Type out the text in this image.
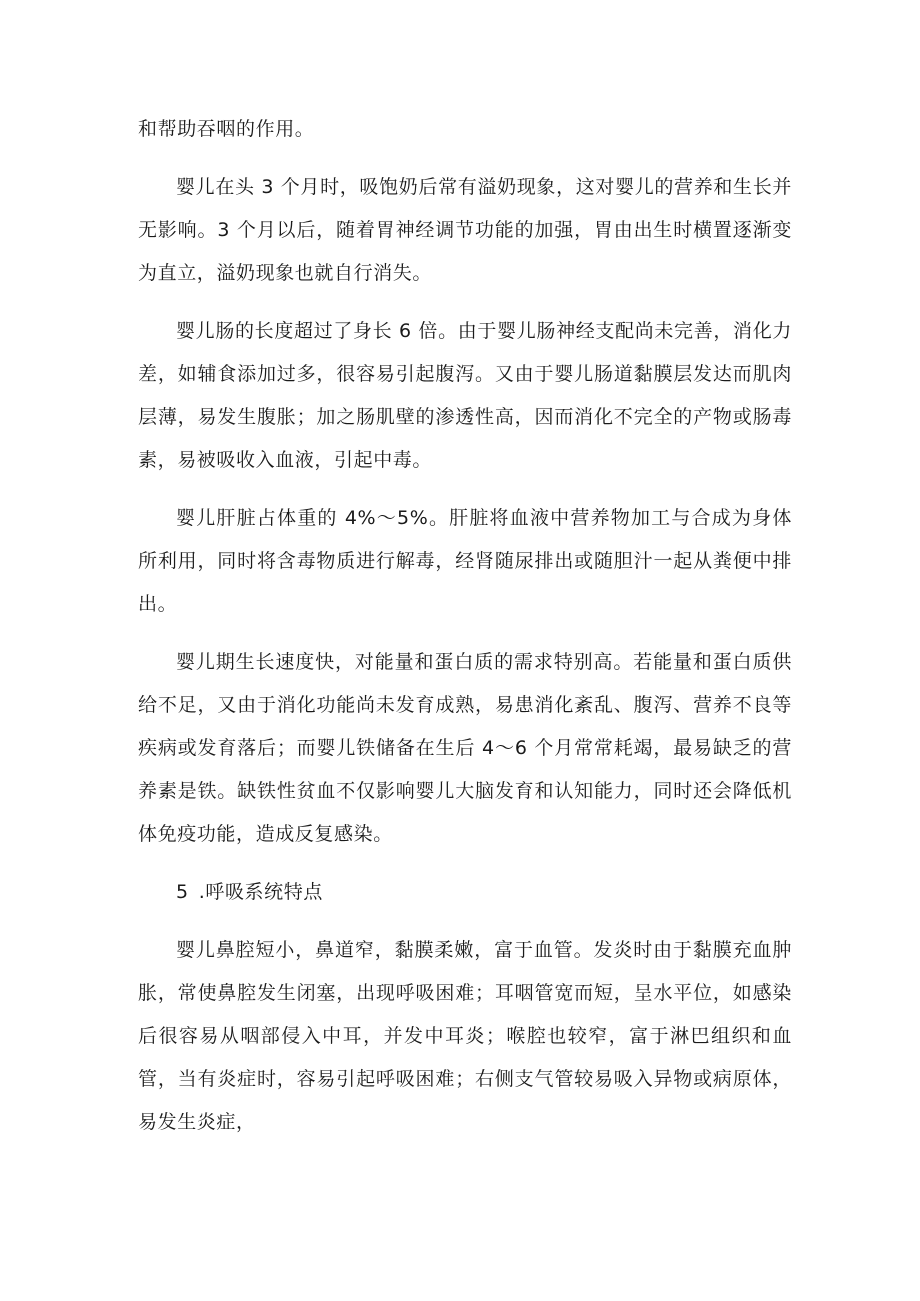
和帮助吞咽的作用。

婴儿在头 3 个月时，吸饱奶后常有溢奶现象，这对婴儿的营养和生长并无影响。3 个月以后，随着胃神经调节功能的加强，胃由出生时横置逐渐变为直立，溢奶现象也就自行消失。

婴儿肠的长度超过了身长 6 倍。由于婴儿肠神经支配尚未完善，消化力差，如辅食添加过多，很容易引起腹泻。又由于婴儿肠道黏膜层发达而肌肉层薄，易发生腹胀；加之肠肌壁的渗透性高，因而消化不完全的产物或肠毒素，易被吸收入血液，引起中毒。

婴儿肝脏占体重的 4%～5%。肝脏将血液中营养物加工与合成为身体所利用，同时将含毒物质进行解毒，经肾随尿排出或随胆汁一起从粪便中排出。

婴儿期生长速度快，对能量和蛋白质的需求特别高。若能量和蛋白质供给不足，又由于消化功能尚未发育成熟，易患消化紊乱、腹泻、营养不良等疾病或发育落后；而婴儿铁储备在生后 4～6 个月常常耗竭，最易缺乏的营养素是铁。缺铁性贫血不仅影响婴儿大脑发育和认知能力，同时还会降低机体免疫功能，造成反复感染。

5 .呼吸系统特点

婴儿鼻腔短小，鼻道窄，黏膜柔嫩，富于血管。发炎时由于黏膜充血肿胀，常使鼻腔发生闭塞，出现呼吸困难；耳咽管宽而短，呈水平位，如感染后很容易从咽部侵入中耳，并发中耳炎；喉腔也较窄，富于淋巴组织和血管，当有炎症时，容易引起呼吸困难；右侧支气管较易吸入异物或病原体，易发生炎症，
